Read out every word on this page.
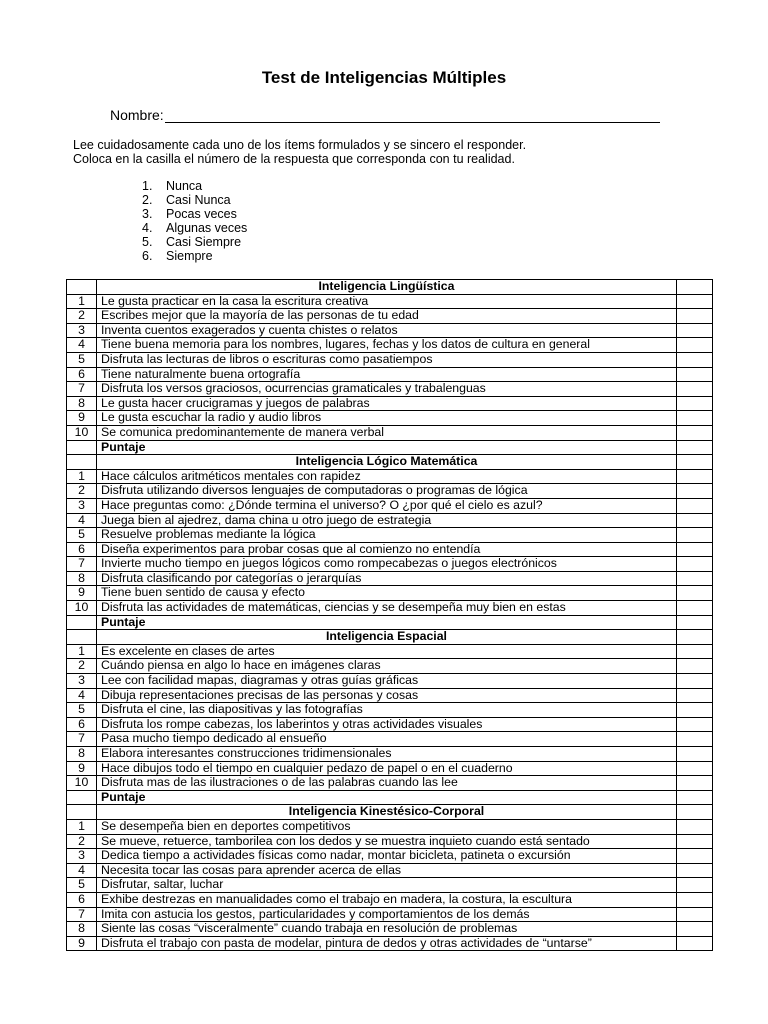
Test de Inteligencias Múltiples
Nombre:
Lee cuidadosamente cada uno de los ítems formulados y se sincero el responder.
Coloca en la casilla el número de la respuesta que corresponda con tu realidad.
1.	Nunca
2.	Casi Nunca
3.	Pocas veces
4.	Algunas veces
5.	Casi Siempre
6.	Siempre
	Inteligencia Lingüística	
1	Le gusta practicar en la casa la escritura creativa	
2	Escribes mejor que la mayoría de las personas de tu edad	
3	Inventa cuentos exagerados y cuenta chistes o relatos	
4	Tiene buena memoria para los nombres, lugares, fechas y los datos de cultura en general	
5	Disfruta las lecturas de libros o escrituras como pasatiempos	
6	Tiene naturalmente buena ortografía	
7	Disfruta los versos graciosos, ocurrencias gramaticales y trabalenguas	
8	Le gusta hacer crucigramas y juegos de palabras	
9	Le gusta escuchar la radio y audio libros	
10	Se comunica predominantemente de manera verbal	
	Puntaje	
	Inteligencia Lógico Matemática	
1	Hace cálculos aritméticos mentales con rapidez	
2	Disfruta utilizando diversos lenguajes de computadoras o programas de lógica	
3	Hace preguntas como: ¿Dónde termina el universo? O ¿por qué el cielo es azul?	
4	Juega bien al ajedrez, dama china u otro juego de estrategia	
5	Resuelve problemas mediante la lógica	
6	Diseña experimentos para probar cosas que al comienzo no entendía	
7	Invierte mucho tiempo en juegos lógicos como rompecabezas o juegos electrónicos	
8	Disfruta clasificando por categorías o jerarquías	
9	Tiene buen sentido de causa y efecto	
10	Disfruta las actividades de matemáticas, ciencias y se desempeña muy bien en estas	
	Puntaje	
	Inteligencia Espacial	
1	Es excelente en clases de artes	
2	Cuándo piensa en algo lo hace en imágenes claras	
3	Lee con facilidad mapas, diagramas y otras guías gráficas	
4	Dibuja representaciones precisas de las personas y cosas	
5	Disfruta el cine, las diapositivas y las fotografías	
6	Disfruta los rompe cabezas, los laberintos y otras actividades visuales	
7	Pasa mucho tiempo dedicado al ensueño	
8	Elabora interesantes construcciones tridimensionales	
9	Hace dibujos todo el tiempo en cualquier pedazo de papel o en el cuaderno	
10	Disfruta mas de las ilustraciones o de las palabras cuando las lee	
	Puntaje	
	Inteligencia Kinestésico-Corporal	
1	Se desempeña bien en deportes competitivos	
2	Se mueve, retuerce, tamborilea con los dedos y se muestra inquieto cuando está sentado	
3	Dedica tiempo a actividades físicas como nadar, montar bicicleta, patineta o excursión	
4	Necesita tocar las cosas para aprender acerca de ellas	
5	Disfrutar, saltar, luchar	
6	Exhibe destrezas en manualidades como el trabajo en madera, la costura, la escultura	
7	Imita con astucia los gestos, particularidades y comportamientos de los demás	
8	Siente las cosas “visceralmente” cuando trabaja en resolución de problemas	
9	Disfruta el trabajo con pasta de modelar, pintura de dedos y otras actividades de “untarse”	
